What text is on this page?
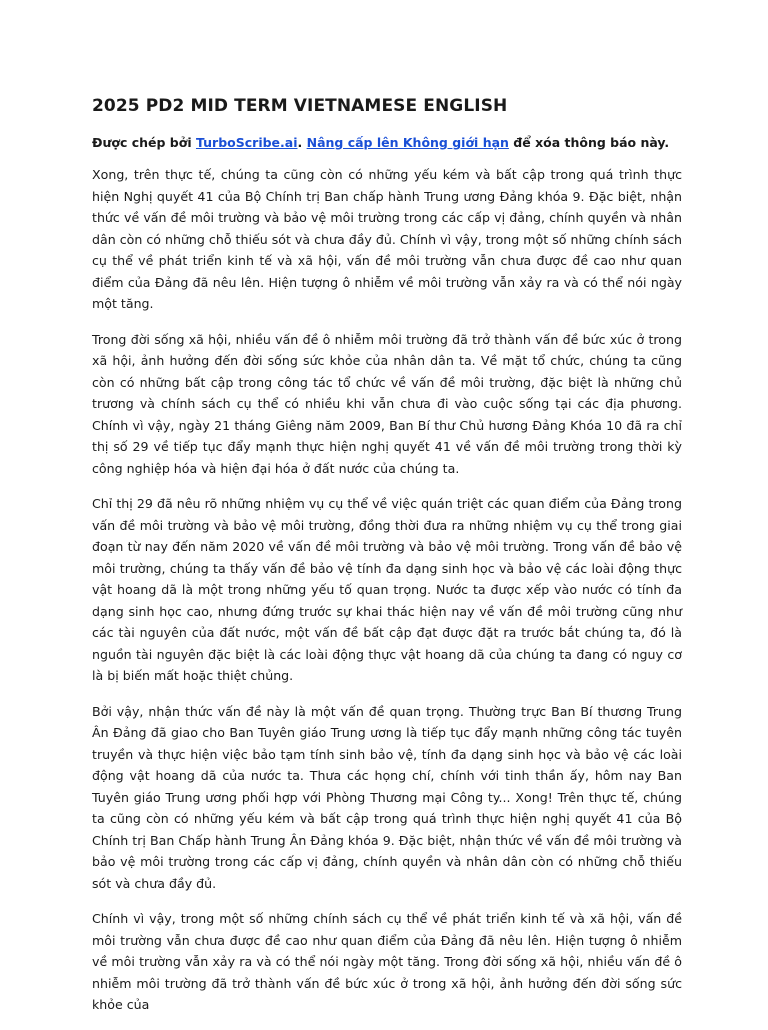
2025 PD2 MID TERM VIETNAMESE ENGLISH

Được chép bởi TurboScribe.ai. Nâng cấp lên Không giới hạn để xóa thông báo này.

Xong, trên thực tế, chúng ta cũng còn có những yếu kém và bất cập trong quá trình thực hiện Nghị quyết 41 của Bộ Chính trị Ban chấp hành Trung ương Đảng khóa 9. Đặc biệt, nhận thức về vấn đề môi trường và bảo vệ môi trường trong các cấp vị đảng, chính quyền và nhân dân còn có những chỗ thiếu sót và chưa đầy đủ. Chính vì vậy, trong một số những chính sách cụ thể về phát triển kinh tế và xã hội, vấn đề môi trường vẫn chưa được đề cao như quan điểm của Đảng đã nêu lên. Hiện tượng ô nhiễm về môi trường vẫn xảy ra và có thể nói ngày một tăng.

Trong đời sống xã hội, nhiều vấn đề ô nhiễm môi trường đã trở thành vấn đề bức xúc ở trong xã hội, ảnh hưởng đến đời sống sức khỏe của nhân dân ta. Về mặt tổ chức, chúng ta cũng còn có những bất cập trong công tác tổ chức về vấn đề môi trường, đặc biệt là những chủ trương và chính sách cụ thể có nhiều khi vẫn chưa đi vào cuộc sống tại các địa phương. Chính vì vậy, ngày 21 tháng Giêng năm 2009, Ban Bí thư Chủ hương Đảng Khóa 10 đã ra chỉ thị số 29 về tiếp tục đẩy mạnh thực hiện nghị quyết 41 về vấn đề môi trường trong thời kỳ công nghiệp hóa và hiện đại hóa ở đất nước của chúng ta.

Chỉ thị 29 đã nêu rõ những nhiệm vụ cụ thể về việc quán triệt các quan điểm của Đảng trong vấn đề môi trường và bảo vệ môi trường, đồng thời đưa ra những nhiệm vụ cụ thể trong giai đoạn từ nay đến năm 2020 về vấn đề môi trường và bảo vệ môi trường. Trong vấn đề bảo vệ môi trường, chúng ta thấy vấn đề bảo vệ tính đa dạng sinh học và bảo vệ các loài động thực vật hoang dã là một trong những yếu tố quan trọng. Nước ta được xếp vào nước có tính đa dạng sinh học cao, nhưng đứng trước sự khai thác hiện nay về vấn đề môi trường cũng như các tài nguyên của đất nước, một vấn đề bất cập đạt được đặt ra trước bắt chúng ta, đó là nguồn tài nguyên đặc biệt là các loài động thực vật hoang dã của chúng ta đang có nguy cơ là bị biến mất hoặc thiệt chủng.

Bởi vậy, nhận thức vấn đề này là một vấn đề quan trọng. Thường trực Ban Bí thương Trung Ân Đảng đã giao cho Ban Tuyên giáo Trung ương là tiếp tục đẩy mạnh những công tác tuyên truyền và thực hiện việc bảo tạm tính sinh bảo vệ, tính đa dạng sinh học và bảo vệ các loài động vật hoang dã của nước ta. Thưa các họng chí, chính với tinh thần ấy, hôm nay Ban Tuyên giáo Trung ương phối hợp với Phòng Thương mại Công ty... Xong! Trên thực tế, chúng ta cũng còn có những yếu kém và bất cập trong quá trình thực hiện nghị quyết 41 của Bộ Chính trị Ban Chấp hành Trung Ân Đảng khóa 9. Đặc biệt, nhận thức về vấn đề môi trường và bảo vệ môi trường trong các cấp vị đảng, chính quyền và nhân dân còn có những chỗ thiếu sót và chưa đầy đủ.

Chính vì vậy, trong một số những chính sách cụ thể về phát triển kinh tế và xã hội, vấn đề môi trường vẫn chưa được đề cao như quan điểm của Đảng đã nêu lên. Hiện tượng ô nhiễm về môi trường vẫn xảy ra và có thể nói ngày một tăng. Trong đời sống xã hội, nhiều vấn đề ô nhiễm môi trường đã trở thành vấn đề bức xúc ở trong xã hội, ảnh hưởng đến đời sống sức khỏe của
